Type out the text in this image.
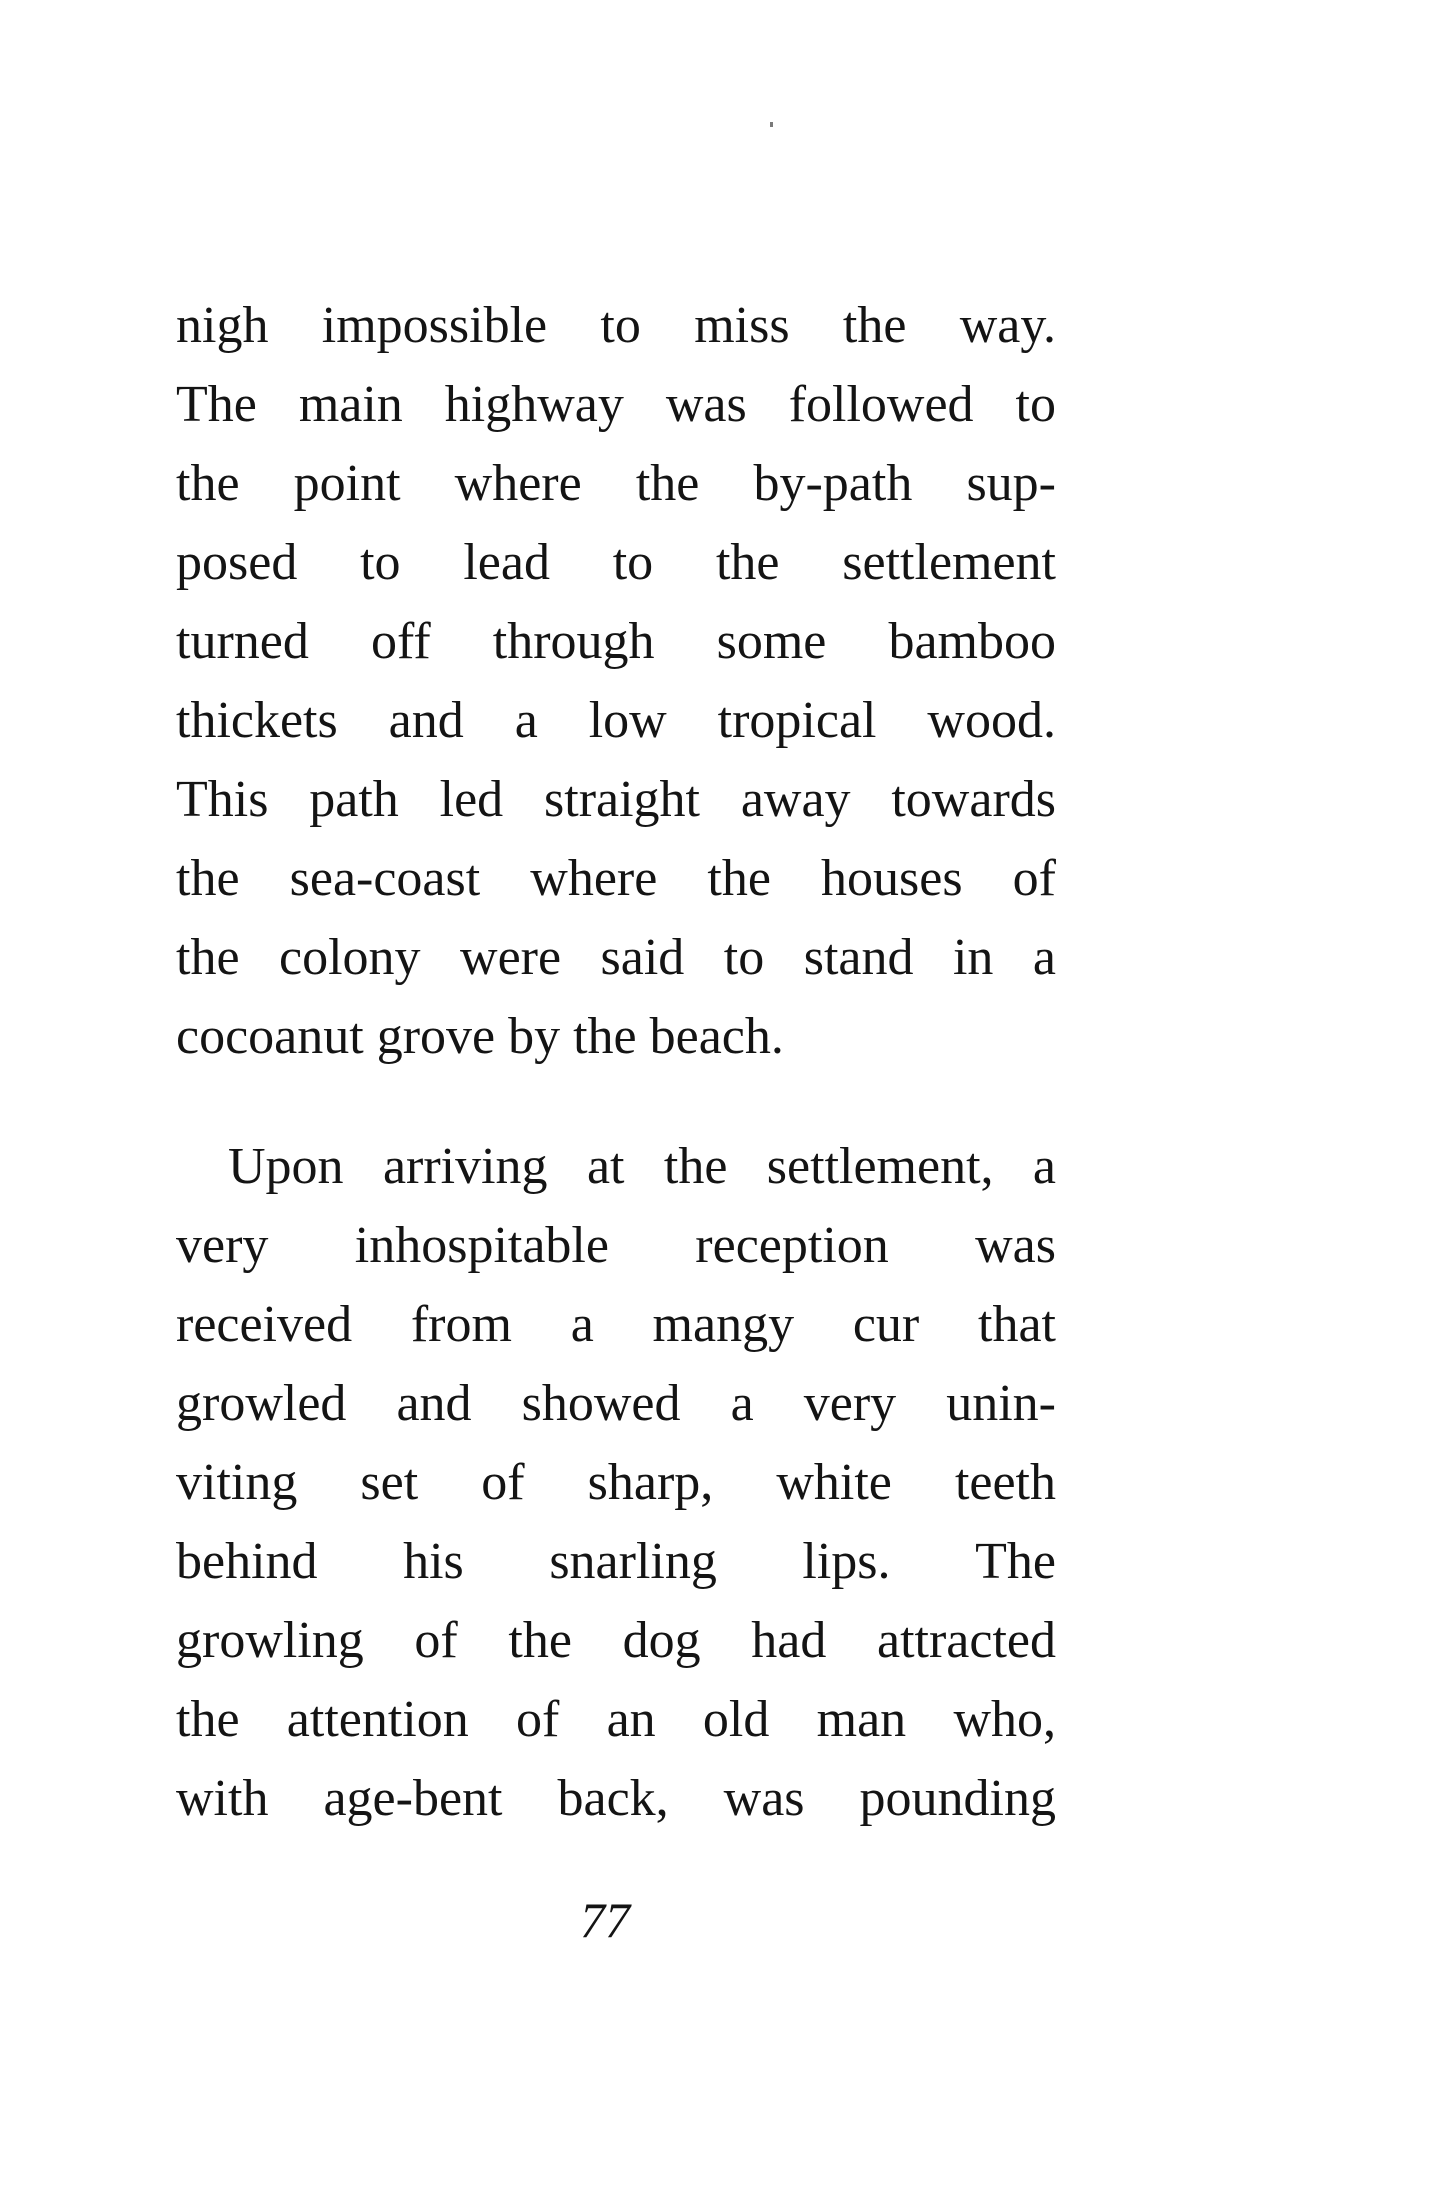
nigh impossible to miss the way.
The main highway was followed to
the point where the by-path sup-
posed to lead to the settlement
turned off through some bamboo
thickets and a low tropical wood.
This path led straight away towards
the sea-coast where the houses of
the colony were said to stand in a
cocoanut grove by the beach.
Upon arriving at the settlement, a
very inhospitable reception was
received from a mangy cur that
growled and showed a very unin-
viting set of sharp, white teeth
behind his snarling lips. The
growling of the dog had attracted
the attention of an old man who,
with age-bent back, was pounding
77
